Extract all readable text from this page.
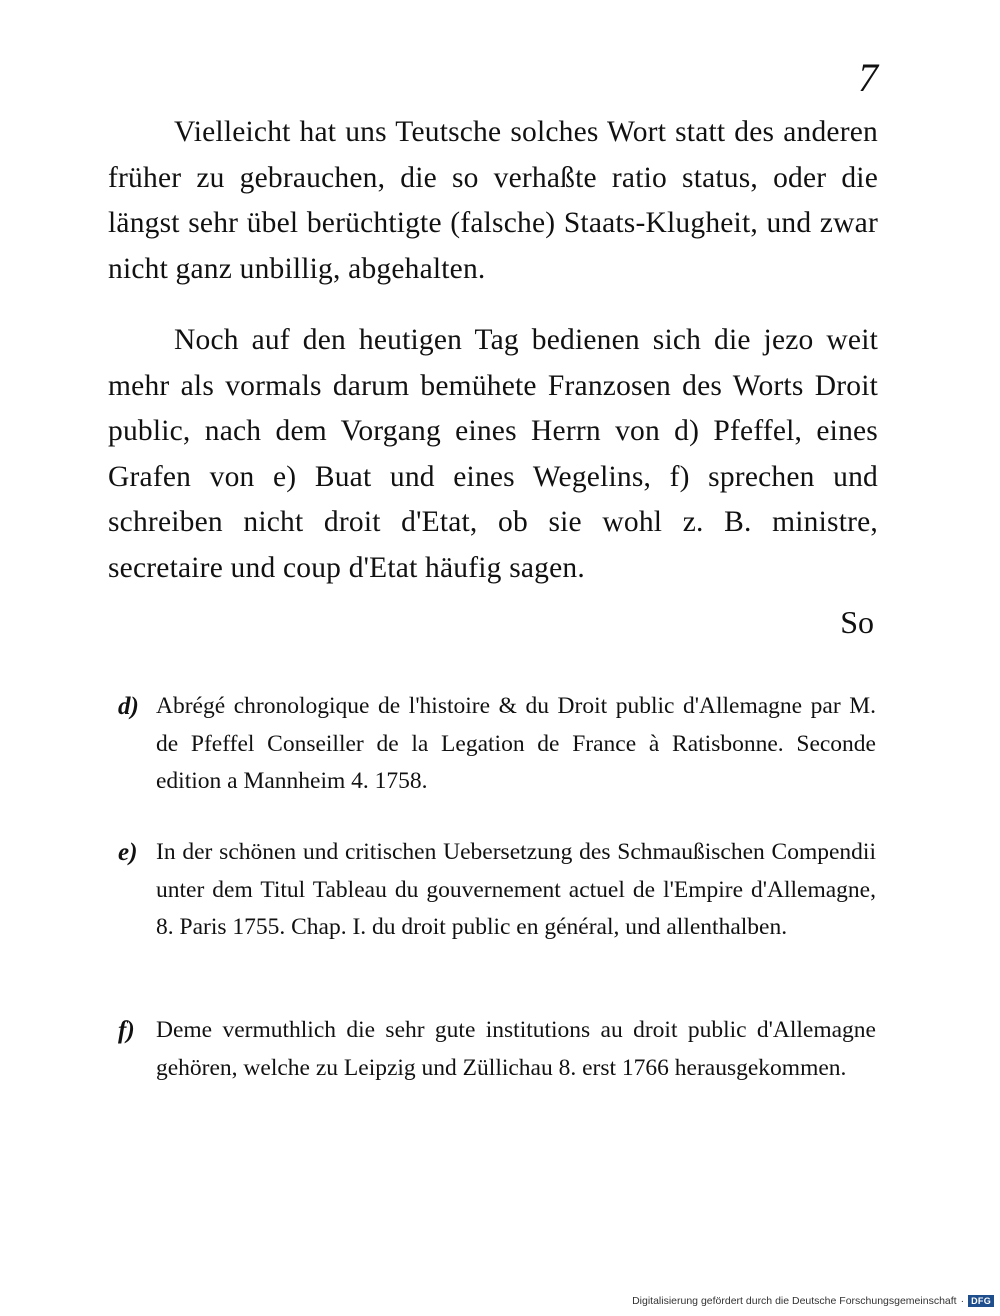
7

Vielleicht hat uns Teutsche solches Wort statt des anderen früher zu gebrauchen, die so verhaßte ratio status, oder die längst sehr übel berüchtigte (falsche) Staats-Klugheit, und zwar nicht ganz unbillig, abgehalten.

Noch auf den heutigen Tag bedienen sich die jezo weit mehr als vormals darum bemühete Franzosen des Worts Droit public, nach dem Vorgang eines Herrn von d) Pfeffel, eines Grafen von e) Buat und eines Wegelins, f) sprechen und schreiben nicht droit d'Etat, ob sie wohl z. B. ministre, secretaire und coup d'Etat häufig sagen.

So

d) Abrégé chronologique de l'histoire & du Droit public d'Allemagne par M. de Pfeffel Conseiller de la Legation de France à Ratisbonne. Seconde edition a Mannheim 4. 1758.

e) In der schönen und critischen Uebersetzung des Schmaußischen Compendii unter dem Titul Tableau du gouvernement actuel de l'Empire d'Allemagne, 8. Paris 1755. Chap. I. du droit public en général, und allenthalben.

f) Deme vermuthlich die sehr gute institutions au droit public d'Allemagne gehören, welche zu Leipzig und Züllichau 8. erst 1766 herausgekommen.

Digitalisierung gefördert durch die Deutsche Forschungsgemeinschaft · DFG
